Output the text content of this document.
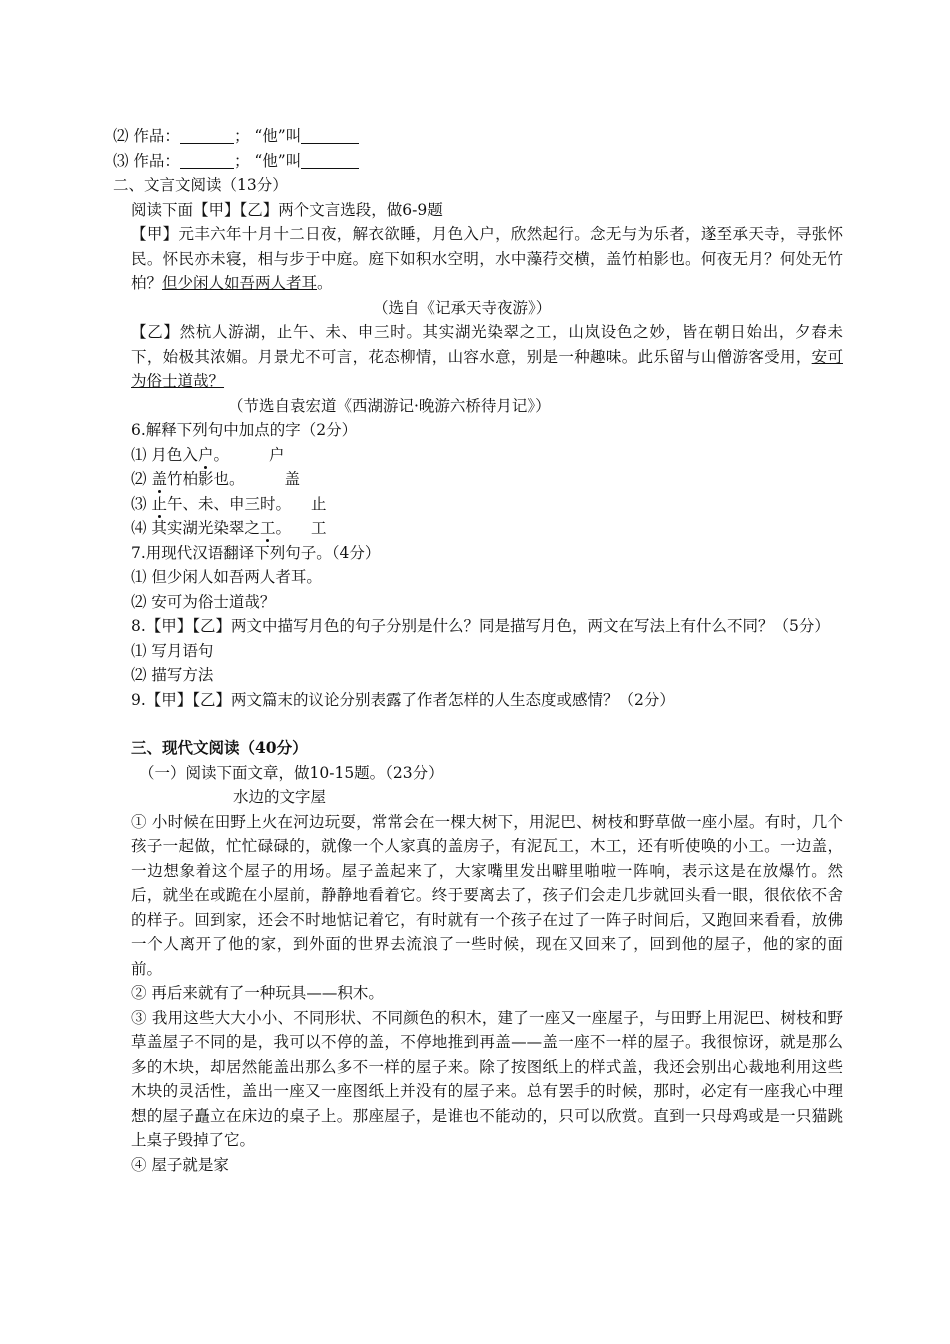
⑵ 作品：	； “他”叫
⑶ 作品：	； “他”叫
二、文言文阅读（13分）
阅读下面【甲】【乙】两个文言选段，做6-9题
【甲】元丰六年十月十二日夜，解衣欲睡，月色入户，欣然起行。念无与为乐者，遂至承天寺，寻张怀民。怀民亦未寝，相与步于中庭。庭下如积水空明，水中藻荇交横，盖竹柏影也。何夜无月？何处无竹柏？但少闲人如吾两人者耳。
（选自《记承天寺夜游》）
【乙】然杭人游湖，止午、未、申三时。其实湖光染翠之工，山岚设色之妙，皆在朝日始出，夕舂未下，始极其浓媚。月景尤不可言，花态柳情，山容水意，别是一种趣味。此乐留与山僧游客受用，安可为俗士道哉？
（节选自袁宏道《西湖游记·晚游六桥待月记》）
6.解释下列句中加点的字（2分）
⑴ 月色入户。	户
⑵ 盖竹柏影也。	盖
⑶ 止午、未、申三时。 止
⑷ 其实湖光染翠之工。 工
7.用现代汉语翻译下列句子。（4分）
⑴ 但少闲人如吾两人者耳。
⑵ 安可为俗士道哉？
8.【甲】【乙】两文中描写月色的句子分别是什么？同是描写月色，两文在写法上有什么不同？（5分）
⑴ 写月语句
⑵ 描写方法
9.【甲】【乙】两文篇末的议论分别表露了作者怎样的人生态度或感情？（2分）
三、现代文阅读（40分）
（一）阅读下面文章，做10-15题。（23分）
水边的文字屋
① 小时候在田野上火在河边玩耍，常常会在一棵大树下，用泥巴、树枝和野草做一座小屋。有时，几个孩子一起做，忙忙碌碌的，就像一个人家真的盖房子，有泥瓦工，木工，还有听使唤的小工。一边盖，一边想象着这个屋子的用场。屋子盖起来了，大家嘴里发出噼里啪啦一阵响，表示这是在放爆竹。然后，就坐在或跪在小屋前，静静地看着它。终于要离去了，孩子们会走几步就回头看一眼，很依依不舍的样子。回到家，还会不时地惦记着它，有时就有一个孩子在过了一阵子时间后，又跑回来看看，放佛一个人离开了他的家，到外面的世界去流浪了一些时候，现在又回来了，回到他的屋子，他的家的面前。
② 再后来就有了一种玩具——积木。
③ 我用这些大大小小、不同形状、不同颜色的积木，建了一座又一座屋子，与田野上用泥巴、树枝和野草盖屋子不同的是，我可以不停的盖，不停地推到再盖——盖一座不一样的屋子。我很惊讶，就是那么多的木块，却居然能盖出那么多不一样的屋子来。除了按图纸上的样式盖，我还会别出心裁地利用这些木块的灵活性，盖出一座又一座图纸上并没有的屋子来。总有罢手的时候，那时，必定有一座我心中理想的屋子矗立在床边的桌子上。那座屋子，是谁也不能动的，只可以欣赏。直到一只母鸡或是一只猫跳上桌子毁掉了它。
④ 屋子就是家
